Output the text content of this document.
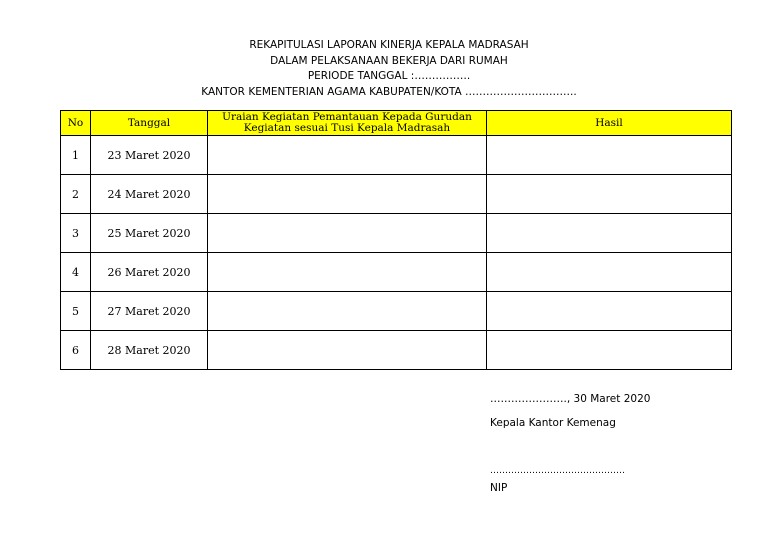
REKAPITULASI LAPORAN KINERJA KEPALA MADRASAH
DALAM PELAKSANAAN BEKERJA DARI RUMAH
PERIODE TANGGAL :…………….
KANTOR KEMENTERIAN AGAMA KABUPATEN/KOTA …………………………..
No	Tanggal	Uraian Kegiatan Pemantauan Kepada Gurudan Kegiatan sesuai Tusi Kepala Madrasah	Hasil
1	23 Maret 2020		
2	24 Maret 2020		
3	25 Maret 2020		
4	26 Maret 2020		
5	27 Maret 2020		
6	28 Maret 2020		
…………………., 30 Maret 2020
Kepala Kantor Kemenag
………………………………………
NIP
